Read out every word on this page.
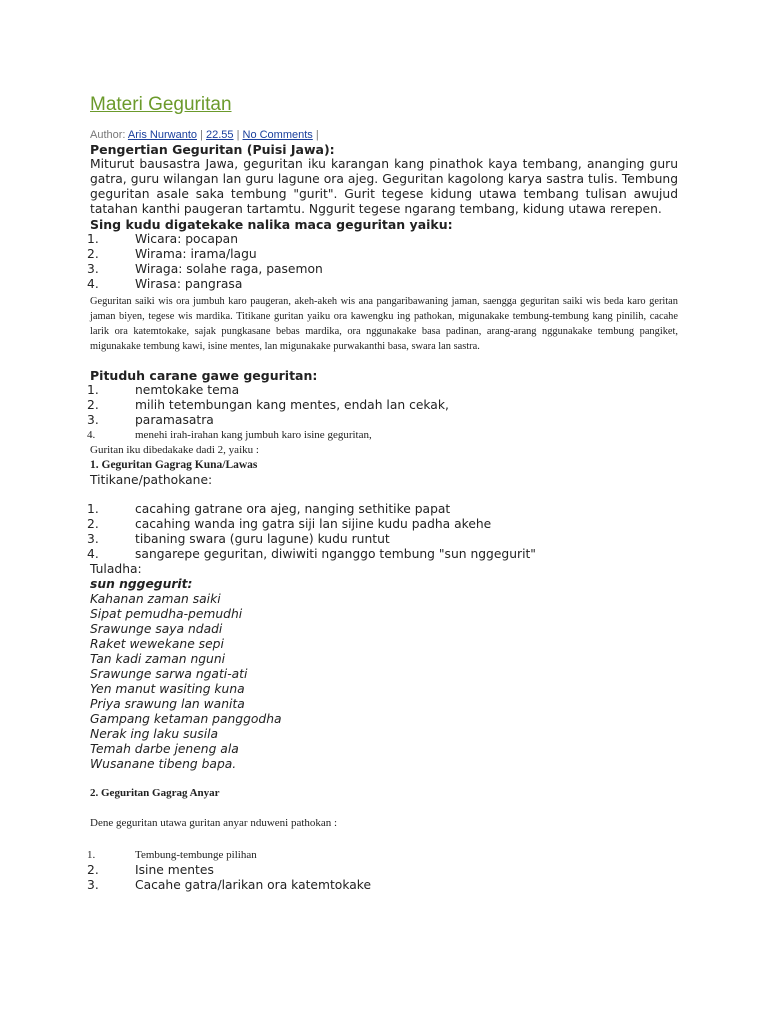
Materi Geguritan
Author: Aris Nurwanto | 22.55 | No Comments |
Pengertian Geguritan (Puisi Jawa):
Miturut bausastra Jawa, geguritan iku karangan kang pinathok kaya tembang, ananging guru gatra, guru wilangan lan guru lagune ora ajeg. Geguritan kagolong karya sastra tulis. Tembung geguritan asale saka tembung "gurit". Gurit tegese kidung utawa tembang tulisan awujud tatahan kanthi paugeran tartamtu. Nggurit tegese ngarang tembang, kidung utawa rerepen.
Sing kudu digatekake nalika maca geguritan yaiku:
1.	Wicara: pocapan
2.	Wirama: irama/lagu
3.	Wiraga: solahe raga, pasemon
4.	Wirasa: pangrasa
Geguritan saiki wis ora jumbuh karo paugeran, akeh-akeh wis ana pangaribawaning jaman, saengga geguritan saiki wis beda karo geritan jaman biyen, tegese wis mardika. Titikane guritan yaiku ora kawengku ing pathokan, migunakake tembung-tembung kang pinilih, cacahe larik ora katemtokake, sajak pungkasane bebas mardika, ora nggunakake basa padinan, arang-arang nggunakake tembung pangiket, migunakake tembung kawi, isine mentes, lan migunakake purwakanthi basa, swara lan sastra.
Pituduh carane gawe geguritan:
1.	nemtokake tema
2.	milih tetembungan kang mentes, endah lan cekak,
3.	paramasatra
4.	menehi irah-irahan kang jumbuh karo isine geguritan,
Guritan iku dibedakake dadi 2, yaiku :
1. Geguritan Gagrag Kuna/Lawas
Titikane/pathokane:
1.	cacahing gatrane ora ajeg, nanging sethitike papat
2.	cacahing wanda ing gatra siji lan sijine kudu padha akehe
3.	tibaning swara (guru lagune) kudu runtut
4.	sangarepe geguritan, diwiwiti nganggo tembung "sun nggegurit"
Tuladha:
sun nggegurit:
Kahanan zaman saiki
Sipat pemudha-pemudhi
Srawunge saya ndadi
Raket wewekane sepi
Tan kadi zaman nguni
Srawunge sarwa ngati-ati
Yen manut wasiting kuna
Priya srawung lan wanita
Gampang ketaman panggodha
Nerak ing laku susila
Temah darbe jeneng ala
Wusanane tibeng bapa.
2. Geguritan Gagrag Anyar
Dene geguritan utawa guritan anyar nduweni pathokan :
1.	Tembung-tembunge pilihan
2.	Isine mentes
3.	Cacahe gatra/larikan ora katemtokake
